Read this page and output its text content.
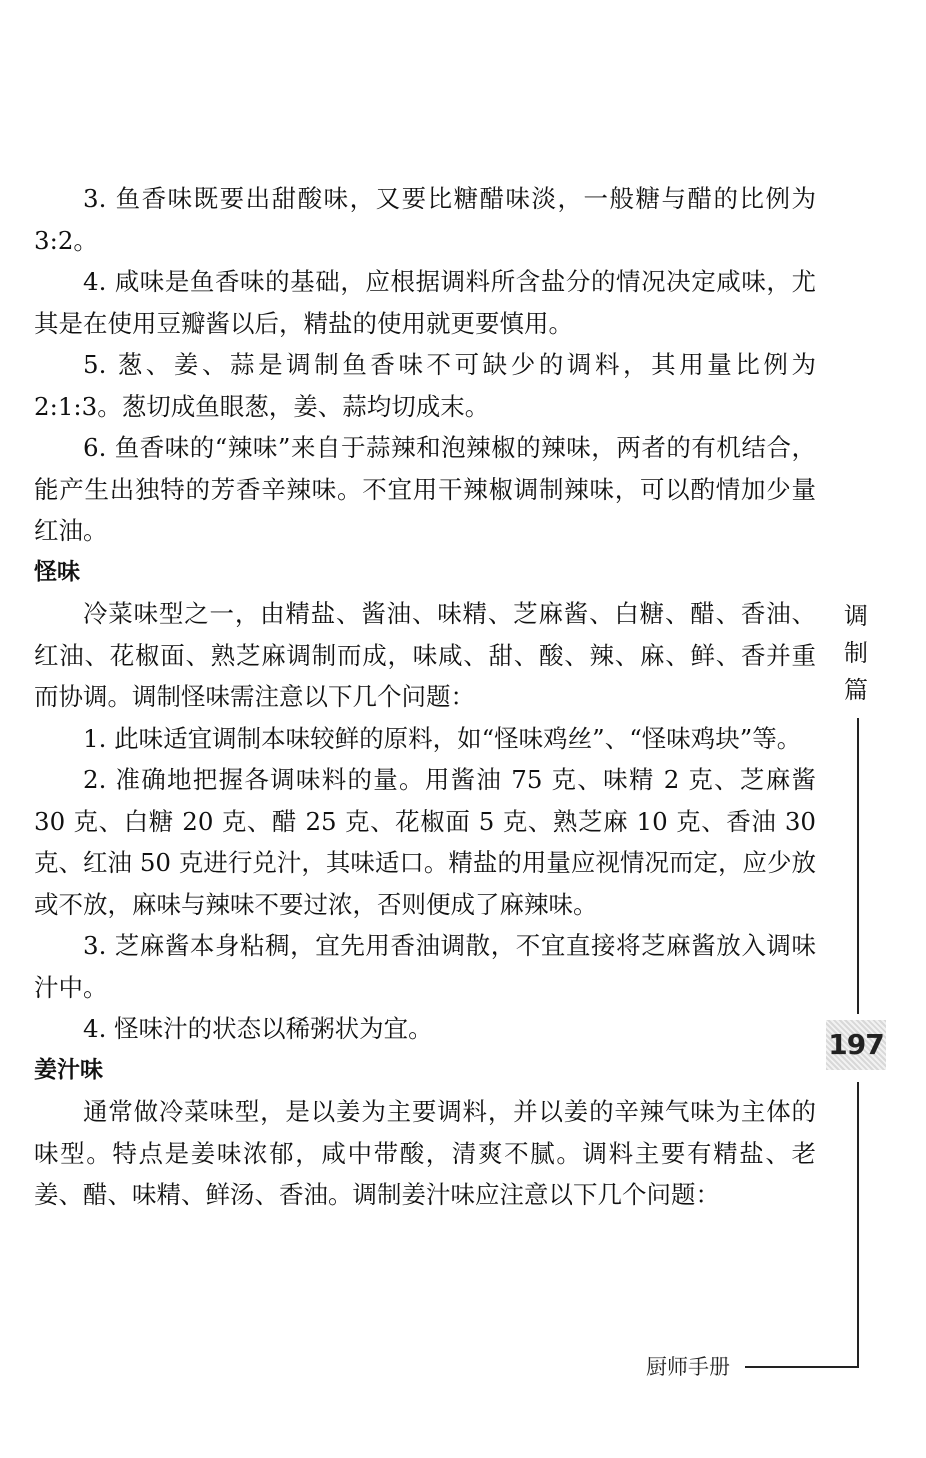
3. 鱼香味既要出甜酸味，又要比糖醋味淡，一般糖与醋的比例为 3:2。

4. 咸味是鱼香味的基础，应根据调料所含盐分的情况决定咸味，尤其是在使用豆瓣酱以后，精盐的使用就更要慎用。

5. 葱、姜、蒜是调制鱼香味不可缺少的调料，其用量比例为 2:1:3。葱切成鱼眼葱，姜、蒜均切成末。

6. 鱼香味的“辣味”来自于蒜辣和泡辣椒的辣味，两者的有机结合，能产生出独特的芳香辛辣味。不宜用干辣椒调制辣味，可以酌情加少量红油。

怪味

冷菜味型之一，由精盐、酱油、味精、芝麻酱、白糖、醋、香油、红油、花椒面、熟芝麻调制而成，味咸、甜、酸、辣、麻、鲜、香并重而协调。调制怪味需注意以下几个问题：

1. 此味适宜调制本味较鲜的原料，如“怪味鸡丝”、“怪味鸡块”等。

2. 准确地把握各调味料的量。用酱油 75 克、味精 2 克、芝麻酱 30 克、白糖 20 克、醋 25 克、花椒面 5 克、熟芝麻 10 克、香油 30 克、红油 50 克进行兑汁，其味适口。精盐的用量应视情况而定，应少放或不放，麻味与辣味不要过浓，否则便成了麻辣味。

3. 芝麻酱本身粘稠，宜先用香油调散，不宜直接将芝麻酱放入调味汁中。

4. 怪味汁的状态以稀粥状为宜。

姜汁味

通常做冷菜味型，是以姜为主要调料，并以姜的辛辣气味为主体的味型。特点是姜味浓郁，咸中带酸，清爽不腻。调料主要有精盐、老姜、醋、味精、鲜汤、香油。调制姜汁味应注意以下几个问题：

调
制
篇
197
厨师手册
